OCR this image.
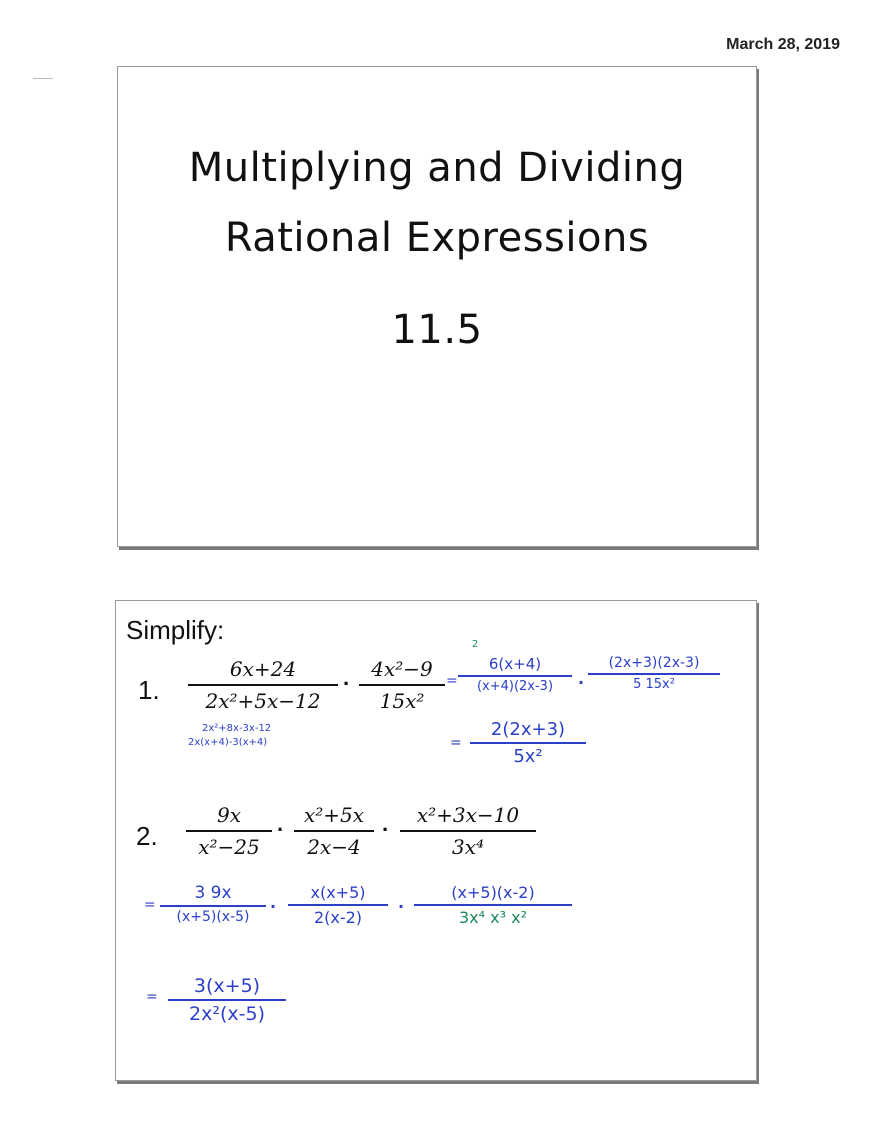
March 28, 2019
Multiplying and Dividing
Rational Expressions
11.5
Simplify:
1.
6x+24
2x²+5x−12
·
4x²−9
15x²
2x²+8x-3x-12
2x(x+4)-3(x+4)
=
2
6(x+4)
(x+4)(2x-3)	·
(2x+3)(2x-3)
5 15x²
=
2(2x+3)
5x²
2.
9x
x²−25
·
x²+5x
2x−4
·
x²+3x−10
3x⁴
=
3 9x
(x+5)(x-5)
·
x(x+5)
2(x-2)
·
(x+5)(x-2)
3x⁴ x³ x²
=	3(x+5)
2x²(x-5)
